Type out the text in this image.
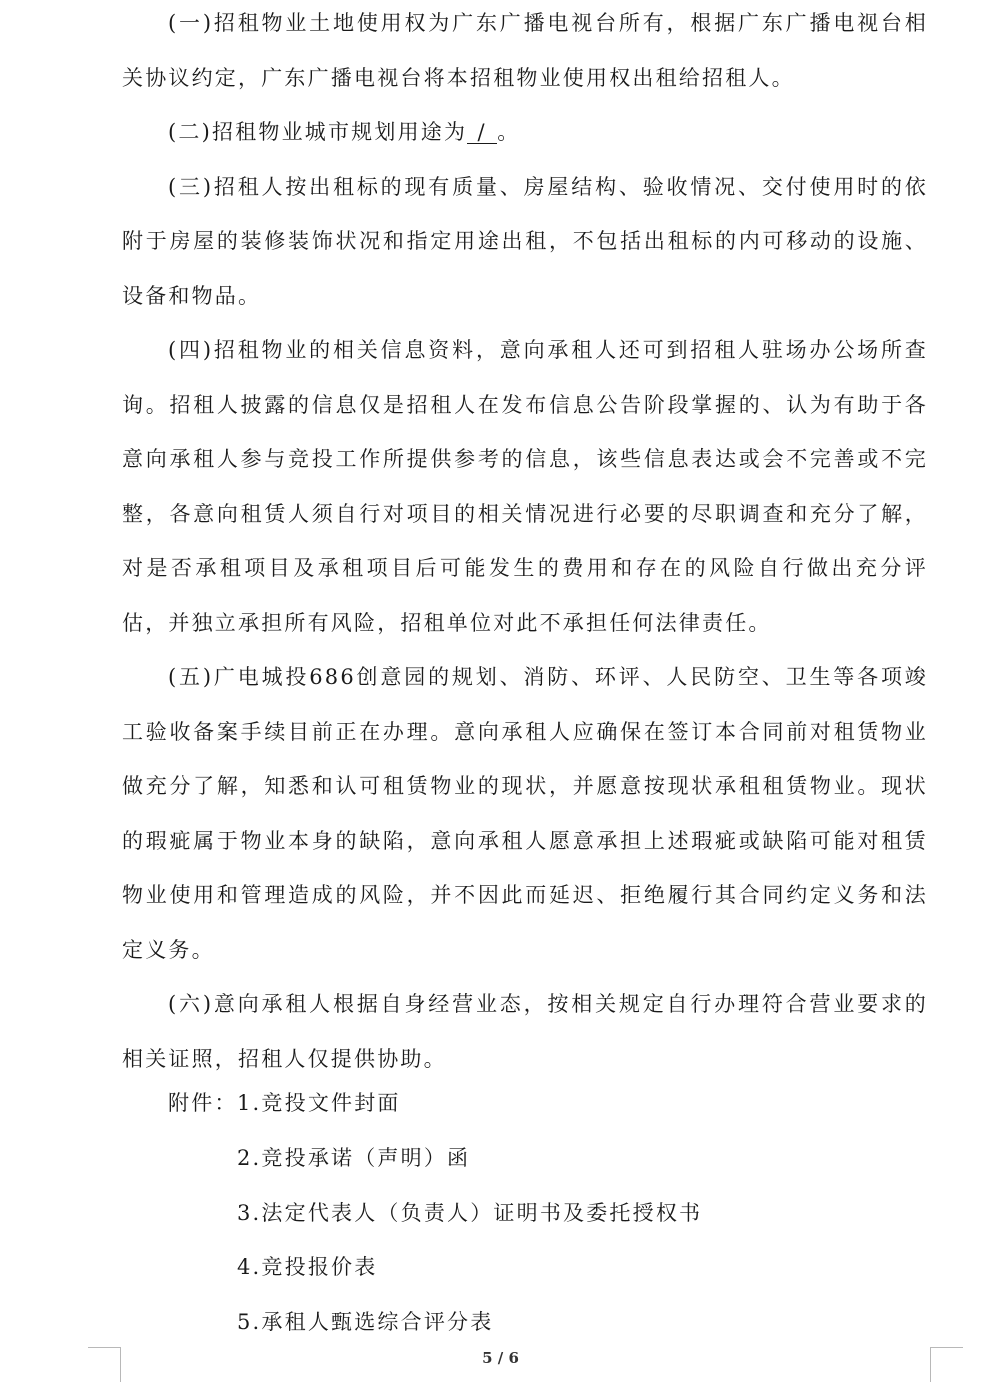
(一)招租物业土地使用权为广东广播电视台所有，根据广东广播电视台相关协议约定，广东广播电视台将本招租物业使用权出租给招租人。

(二)招租物业城市规划用途为 / 。

(三)招租人按出租标的现有质量、房屋结构、验收情况、交付使用时的依附于房屋的装修装饰状况和指定用途出租，不包括出租标的内可移动的设施、设备和物品。

(四)招租物业的相关信息资料，意向承租人还可到招租人驻场办公场所查询。招租人披露的信息仅是招租人在发布信息公告阶段掌握的、认为有助于各意向承租人参与竞投工作所提供参考的信息，该些信息表达或会不完善或不完整，各意向租赁人须自行对项目的相关情况进行必要的尽职调查和充分了解，对是否承租项目及承租项目后可能发生的费用和存在的风险自行做出充分评估，并独立承担所有风险，招租单位对此不承担任何法律责任。

(五)广电城投686创意园的规划、消防、环评、人民防空、卫生等各项竣工验收备案手续目前正在办理。意向承租人应确保在签订本合同前对租赁物业做充分了解，知悉和认可租赁物业的现状，并愿意按现状承租租赁物业。现状的瑕疵属于物业本身的缺陷，意向承租人愿意承担上述瑕疵或缺陷可能对租赁物业使用和管理造成的风险，并不因此而延迟、拒绝履行其合同约定义务和法定义务。

(六)意向承租人根据自身经营业态，按相关规定自行办理符合营业要求的相关证照，招租人仅提供协助。

附件：1.竞投文件封面
2.竞投承诺（声明）函
3.法定代表人（负责人）证明书及委托授权书
4.竞投报价表
5.承租人甄选综合评分表
5 / 6
